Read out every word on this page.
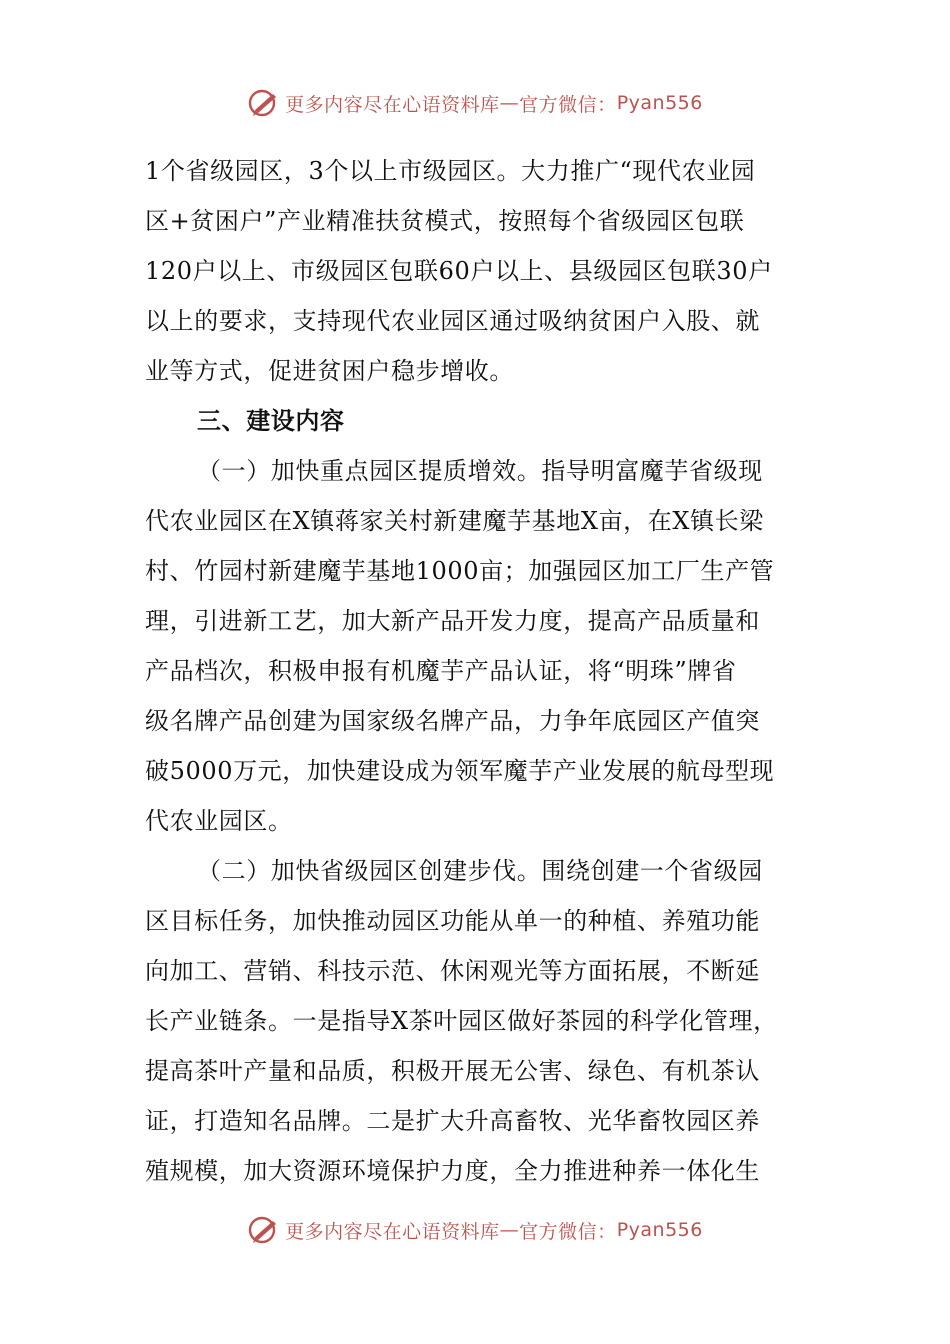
更多内容尽在心语资料库 — 官方微信： Pyan556
1个省级园区，3个以上市级园区。大力推广“现代农业园
区+贫困户”产业精准扶贫模式，按照每个省级园区包联
120户以上、市级园区包联60户以上、县级园区包联30户
以上的要求，支持现代农业园区通过吸纳贫困户入股、就
业等方式，促进贫困户稳步增收。
三、建设内容
（一）加快重点园区提质增效。指导明富魔芋省级现
代农业园区在X镇蒋家关村新建魔芋基地X亩，在X镇长梁
村、竹园村新建魔芋基地1000亩；加强园区加工厂生产管
理，引进新工艺，加大新产品开发力度，提高产品质量和
产品档次，积极申报有机魔芋产品认证，将“明珠”牌省
级名牌产品创建为国家级名牌产品，力争年底园区产值突
破5000万元，加快建设成为领军魔芋产业发展的航母型现
代农业园区。
（二）加快省级园区创建步伐。围绕创建一个省级园
区目标任务，加快推动园区功能从单一的种植、养殖功能
向加工、营销、科技示范、休闲观光等方面拓展，不断延
长产业链条。一是指导X茶叶园区做好茶园的科学化管理，
提高茶叶产量和品质，积极开展无公害、绿色、有机茶认
证，打造知名品牌。二是扩大升高畜牧、光华畜牧园区养
殖规模，加大资源环境保护力度，全力推进种养一体化生
更多内容尽在心语资料库 — 官方微信： Pyan556
